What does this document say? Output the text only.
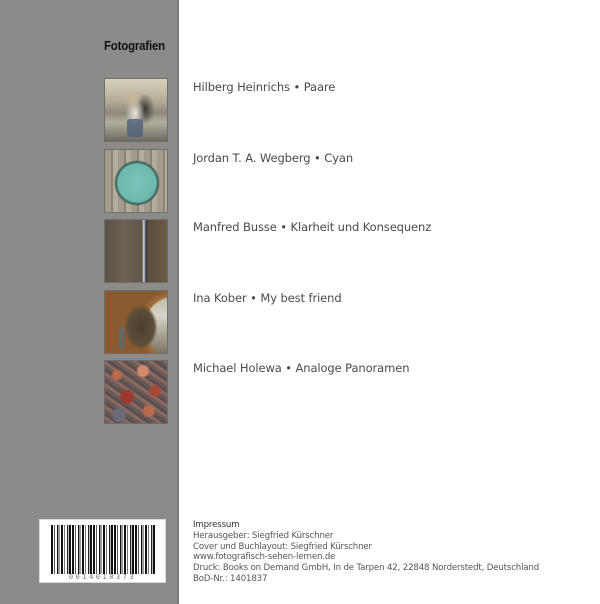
Fotografien
Hilberg Heinrichs • Paare
Jordan T. A. Wegberg • Cyan
Manfred Busse • Klarheit und Konsequenz
Ina Kober • My best friend
Michael Holewa • Analoge Panoramen
0014018373
Impressum
Herausgeber: Siegfried Kürschner
Cover und Buchlayout: Siegfried Kürschner
www.fotografisch-sehen-lernen.de
Druck: Books on Demand GmbH, In de Tarpen 42, 22848 Norderstedt, Deutschland
BoD-Nr.: 1401837
